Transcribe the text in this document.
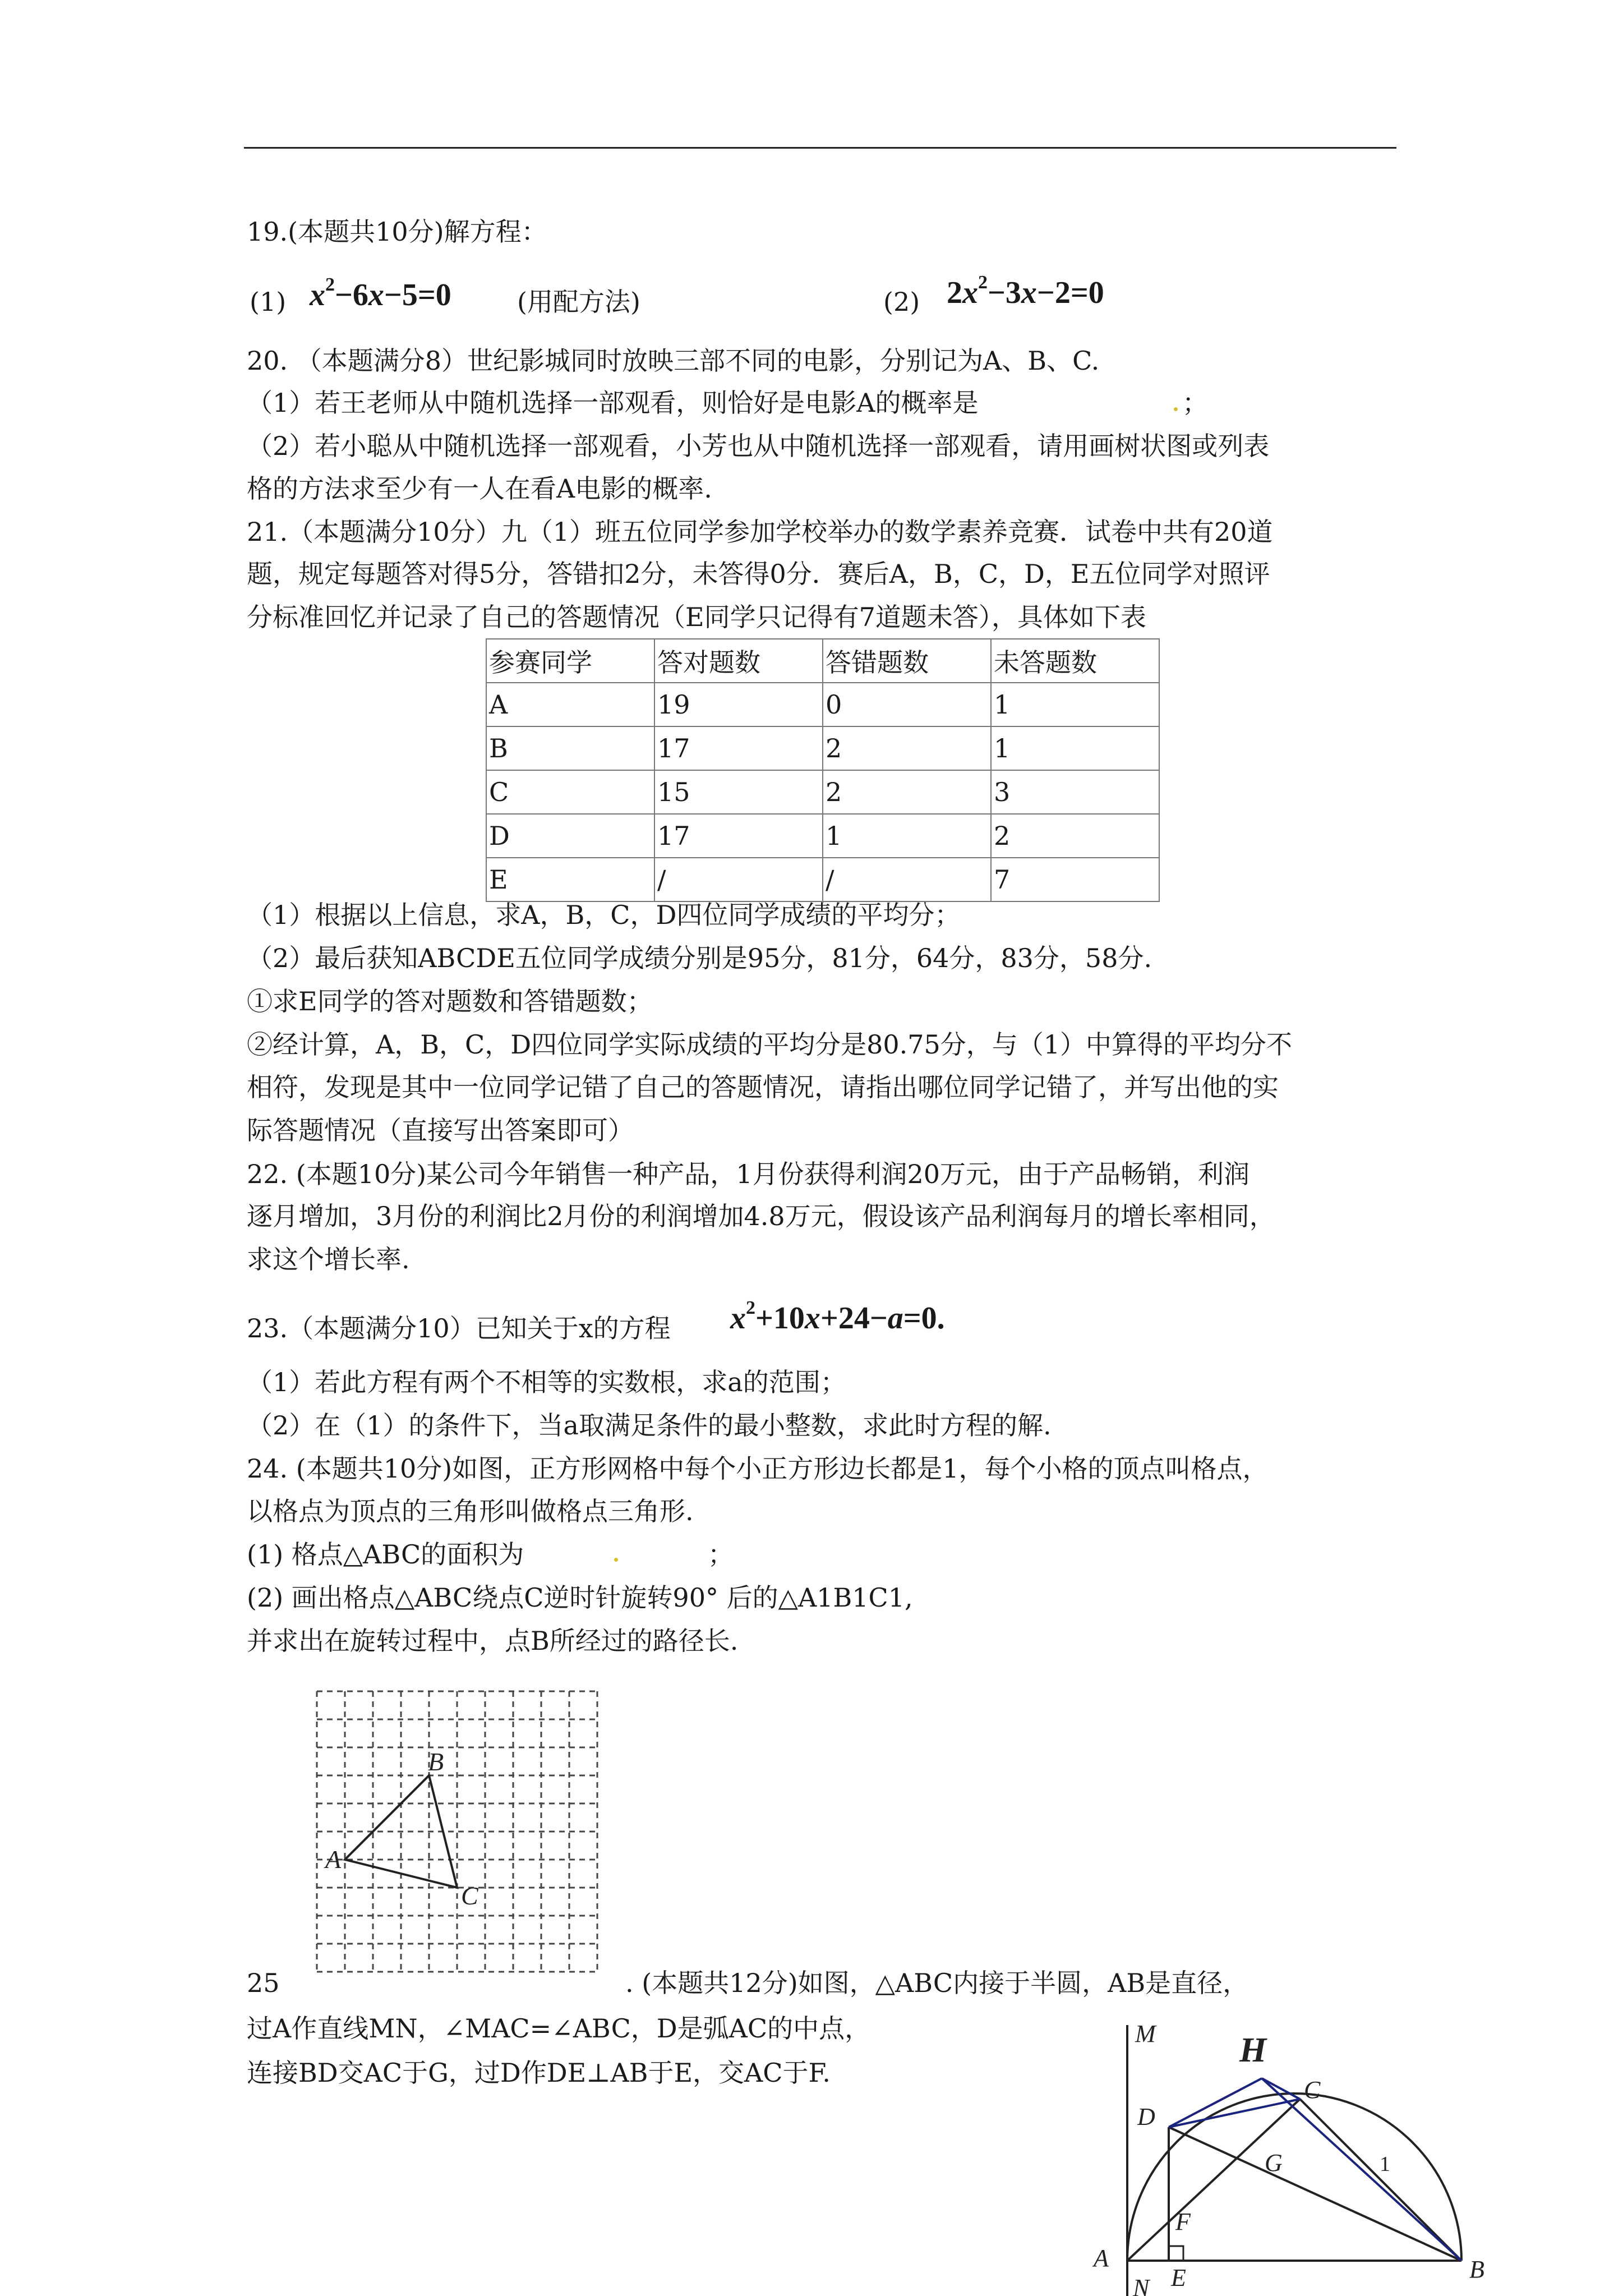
19.(本题共10分)解方程：
(1) $x^2-6x-5=0$	(用配方法)	(2) $2x^2-3x-2=0$
20. （本题满分8）世纪影城同时放映三部不同的电影，分别记为A、B、C.
（1）若王老师从中随机选择一部观看，则恰好是电影A的概率是	；
（2）若小聪从中随机选择一部观看，小芳也从中随机选择一部观看，请用画树状图或列表
格的方法求至少有一人在看A电影的概率.
21.（本题满分10分）九（1）班五位同学参加学校举办的数学素养竞赛．试卷中共有20道
题，规定每题答对得5分，答错扣2分，未答得0分．赛后A，B，C，D，E五位同学对照评
分标准回忆并记录了自己的答题情况（E同学只记得有7道题未答），具体如下表
参赛同学	答对题数	答错题数	未答题数
A	19	0	1
B	17	2	1
C	15	2	3
D	17	1	2
E	/	/	7
（1）根据以上信息，求A，B，C，D四位同学成绩的平均分；
（2）最后获知ABCDE五位同学成绩分别是95分，81分，64分，83分，58分.
①求E同学的答对题数和答错题数；
②经计算，A，B，C，D四位同学实际成绩的平均分是80.75分，与（1）中算得的平均分不
相符，发现是其中一位同学记错了自己的答题情况，请指出哪位同学记错了，并写出他的实
际答题情况（直接写出答案即可）
22. (本题10分)某公司今年销售一种产品，1月份获得利润20万元，由于产品畅销，利润
逐月增加，3月份的利润比2月份的利润增加4.8万元，假设该产品利润每月的增长率相同，
求这个增长率.
23.（本题满分10）已知关于x的方程 $x^2+10x+24-a=0$.
（1）若此方程有两个不相等的实数根，求a的范围；
（2）在（1）的条件下，当a取满足条件的最小整数，求此时方程的解.
24. (本题共10分)如图，正方形网格中每个小正方形边长都是1，每个小格的顶点叫格点，
以格点为顶点的三角形叫做格点三角形.
(1) 格点△ABC的面积为	；
(2) 画出格点△ABC绕点C逆时针旋转90° 后的△A1B1C1,
并求出在旋转过程中，点B所经过的路径长.
B
A
C
25	. (本题共12分)如图，△ABC内接于半圆，AB是直径，
过A作直线MN，∠MAC=∠ABC，D是弧AC的中点，
连接BD交AC于G，过D作DE⊥AB于E，交AC于F.
H
M
D
C
G
F
A
E	B
N
1
